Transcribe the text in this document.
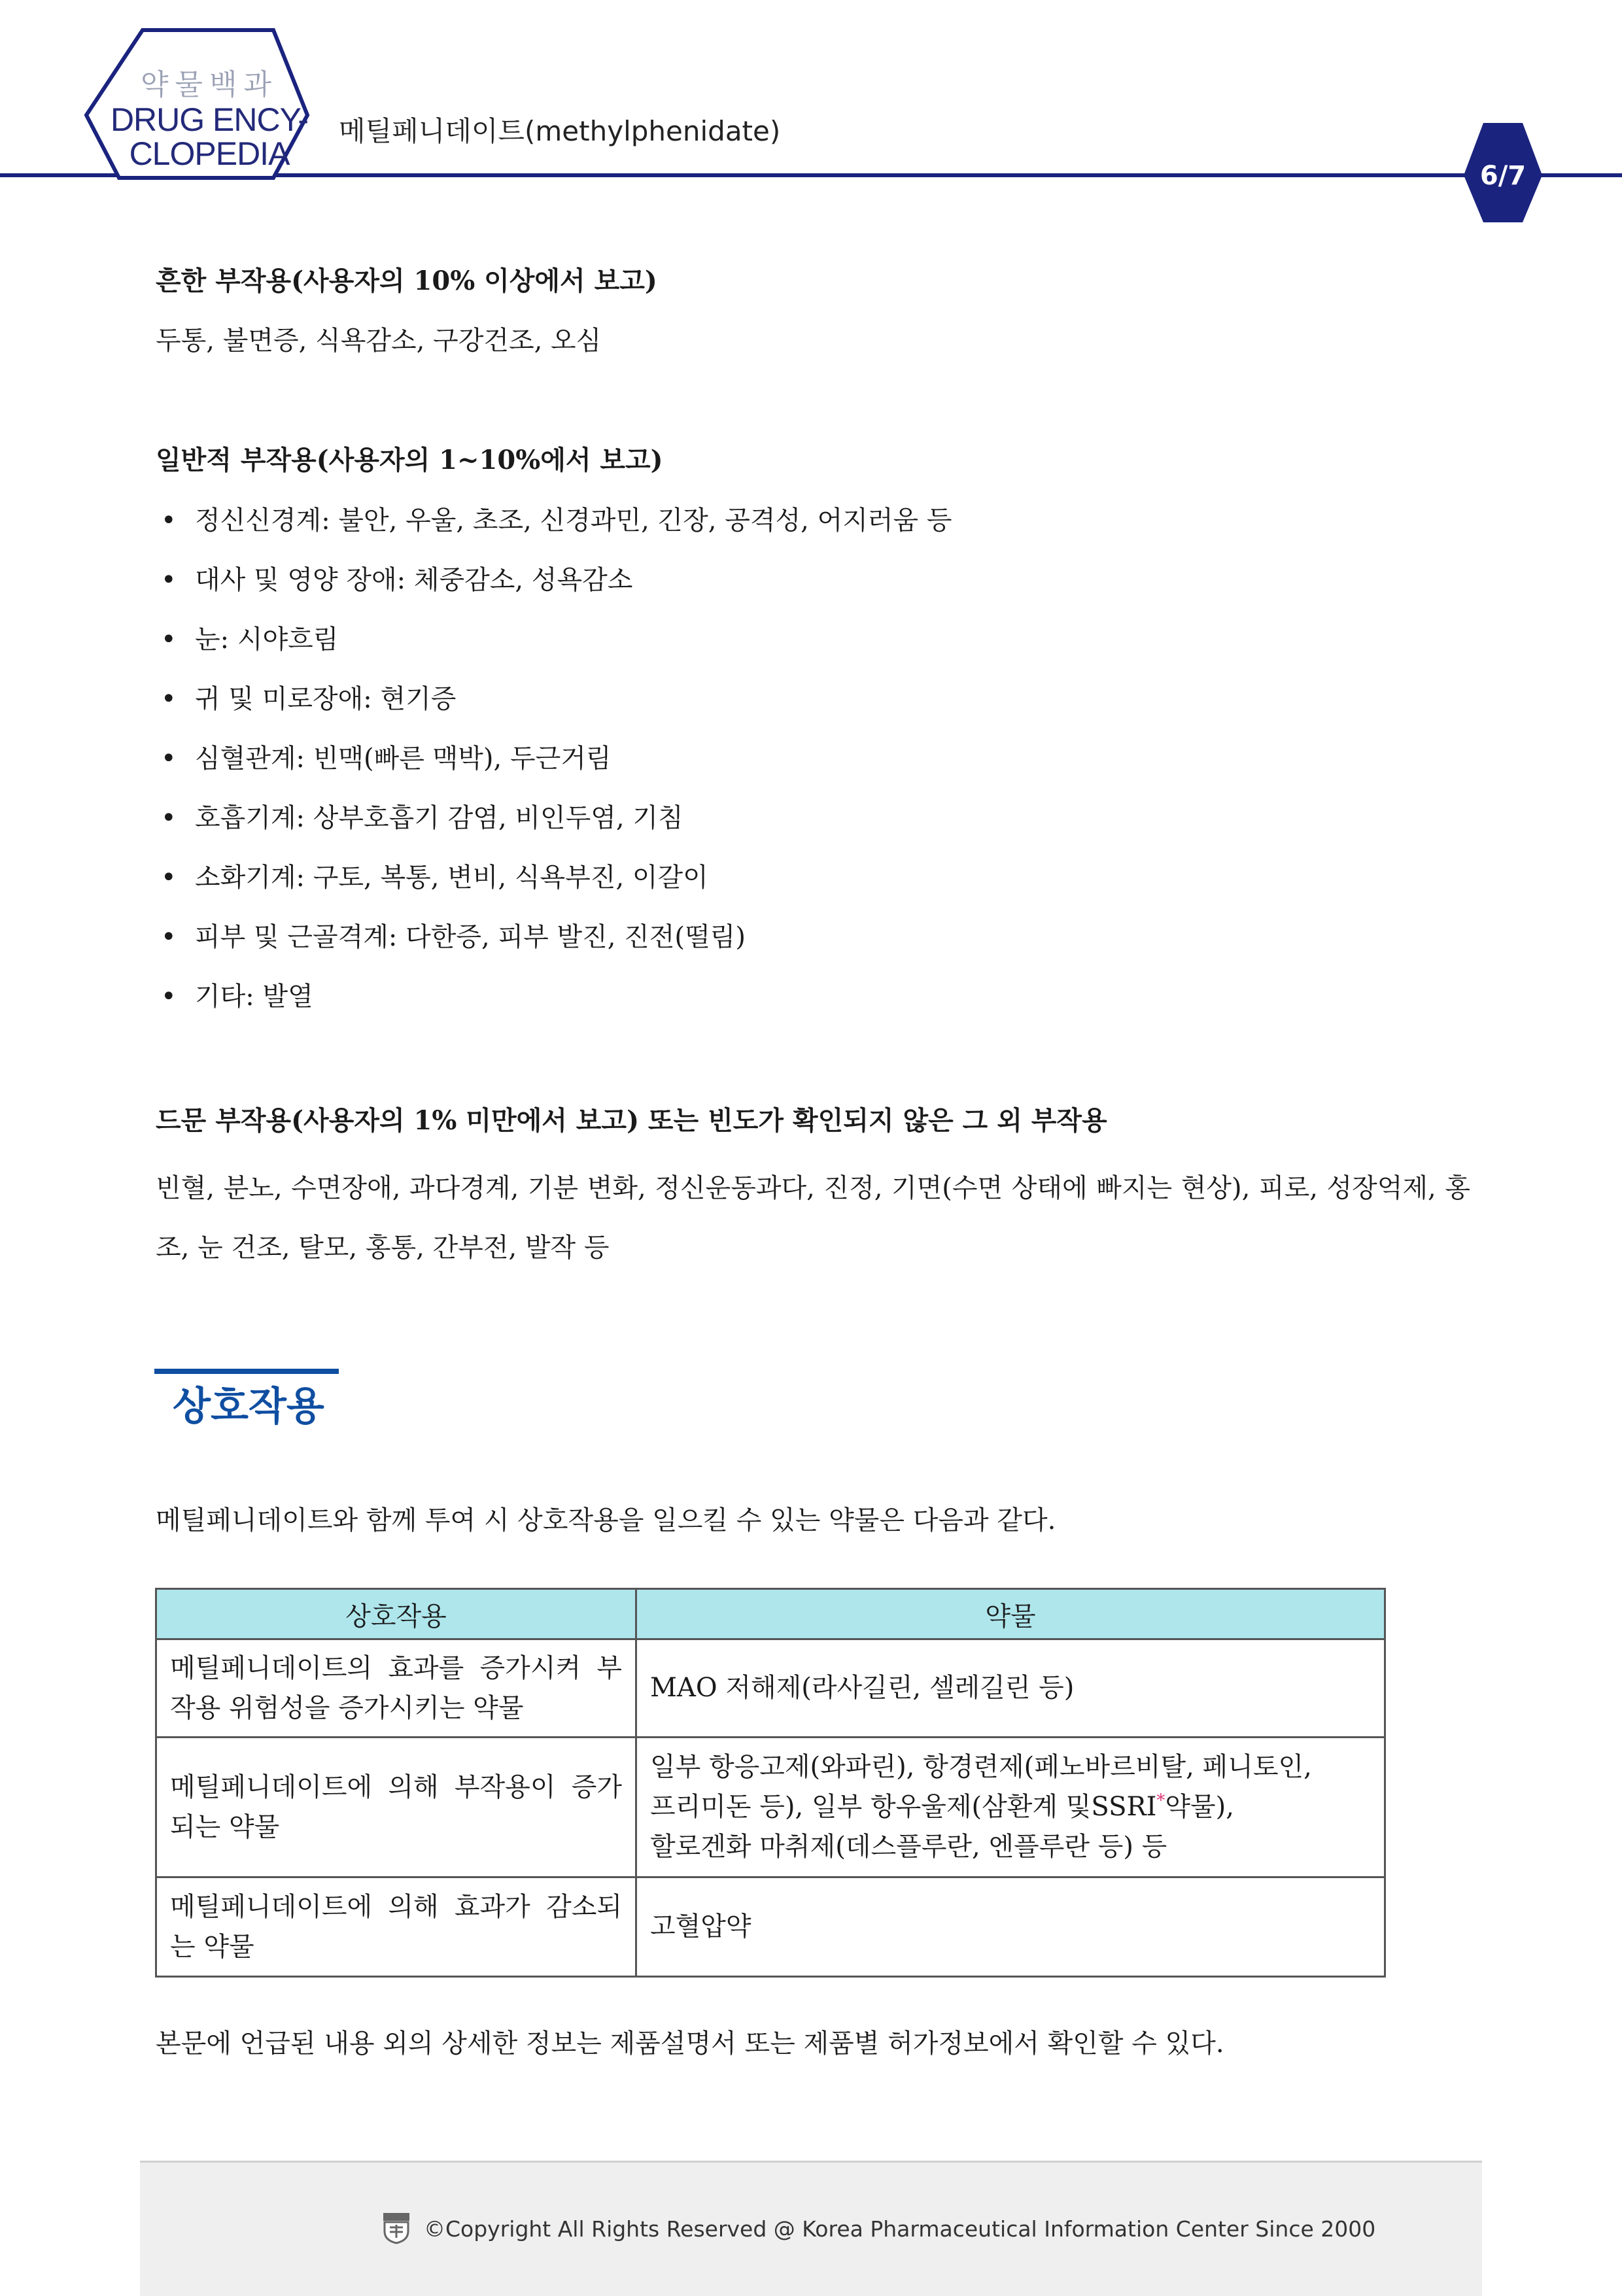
약물백과
DRUG ENCY-
CLOPEDIA
메틸페니데이트(methylphenidate)
6/7
흔한 부작용(사용자의 10% 이상에서 보고)
두통, 불면증, 식욕감소, 구강건조, 오심
일반적 부작용(사용자의 1~10%에서 보고)
• 정신신경계: 불안, 우울, 초조, 신경과민, 긴장, 공격성, 어지러움 등
• 대사 및 영양 장애: 체중감소, 성욕감소
• 눈: 시야흐림
• 귀 및 미로장애: 현기증
• 심혈관계: 빈맥(빠른 맥박), 두근거림
• 호흡기계: 상부호흡기 감염, 비인두염, 기침
• 소화기계: 구토, 복통, 변비, 식욕부진, 이갈이
• 피부 및 근골격계: 다한증, 피부 발진, 진전(떨림)
• 기타: 발열
드문 부작용(사용자의 1% 미만에서 보고) 또는 빈도가 확인되지 않은 그 외 부작용
빈혈, 분노, 수면장애, 과다경계, 기분 변화, 정신운동과다, 진정, 기면(수면 상태에 빠지는 현상), 피로, 성장억제, 홍조, 눈 건조, 탈모, 홍통, 간부전, 발작 등
상호작용
메틸페니데이트와 함께 투여 시 상호작용을 일으킬 수 있는 약물은 다음과 같다.
상호작용	약물
메틸페니데이트의 효과를 증가시켜 부작용 위험성을 증가시키는 약물	MAO 저해제(라사길린, 셀레길린 등)
메틸페니데이트에 의해 부작용이 증가되는 약물	일부 항응고제(와파린), 항경련제(페노바르비탈, 페니토인,
프리미돈 등), 일부 항우울제(삼환계 및SSRI*약물),
할로겐화 마취제(데스플루란, 엔플루란 등) 등

메틸페니데이트에 의해 효과가 감소되는 약물	고혈압약
본문에 언급된 내용 외의 상세한 정보는 제품설명서 또는 제품별 허가정보에서 확인할 수 있다.
©Copyright All Rights Reserved @ Korea Pharmaceutical Information Center Since 2000
